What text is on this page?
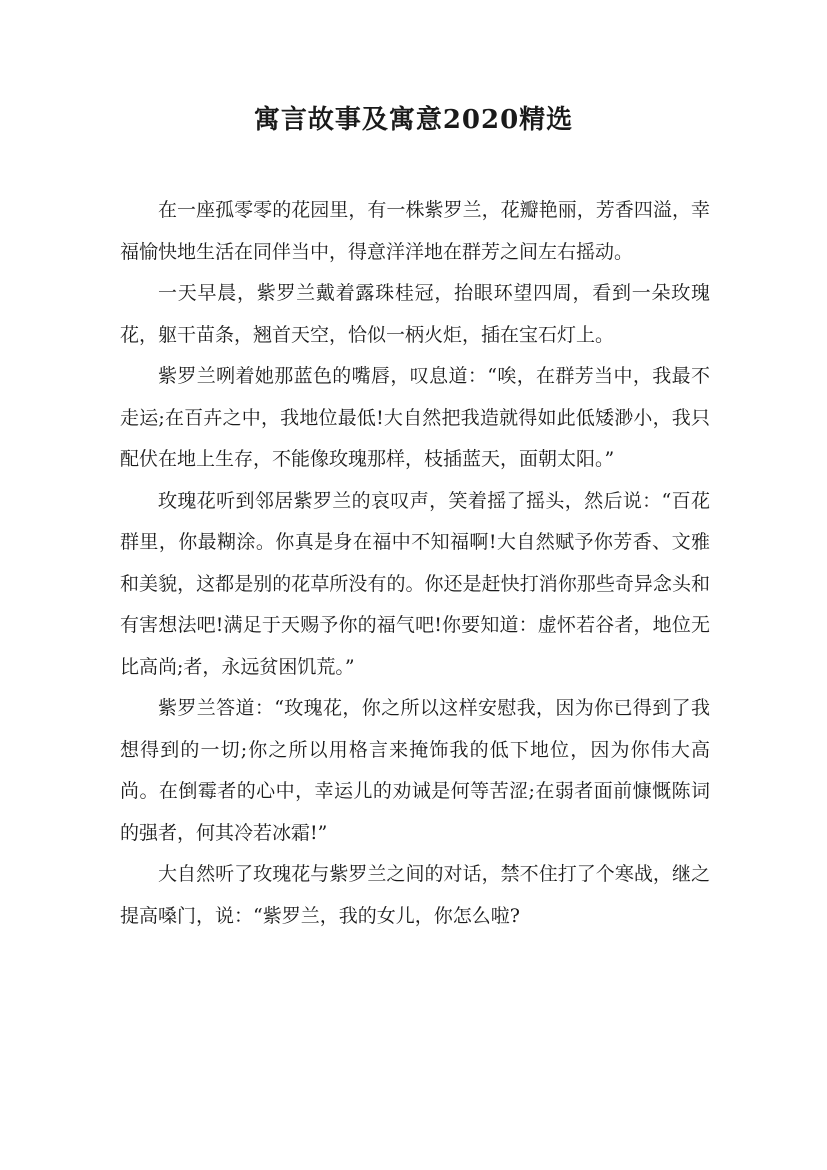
寓言故事及寓意2020精选

在一座孤零零的花园里，有一株紫罗兰，花瓣艳丽，芳香四溢，幸福愉快地生活在同伴当中，得意洋洋地在群芳之间左右摇动。

一天早晨，紫罗兰戴着露珠桂冠，抬眼环望四周，看到一朵玫瑰花，躯干苗条，翘首天空，恰似一柄火炬，插在宝石灯上。

紫罗兰咧着她那蓝色的嘴唇，叹息道：“唉，在群芳当中，我最不走运;在百卉之中，我地位最低!大自然把我造就得如此低矮渺小，我只配伏在地上生存，不能像玫瑰那样，枝插蓝天，面朝太阳。”

玫瑰花听到邻居紫罗兰的哀叹声，笑着摇了摇头，然后说：“百花群里，你最糊涂。你真是身在福中不知福啊!大自然赋予你芳香、文雅和美貌，这都是别的花草所没有的。你还是赶快打消你那些奇异念头和有害想法吧!满足于天赐予你的福气吧!你要知道：虚怀若谷者，地位无比高尚;者，永远贫困饥荒。”

紫罗兰答道：“玫瑰花，你之所以这样安慰我，因为你已得到了我想得到的一切;你之所以用格言来掩饰我的低下地位，因为你伟大高尚。在倒霉者的心中，幸运儿的劝诫是何等苦涩;在弱者面前慷慨陈词的强者，何其冷若冰霜!”

大自然听了玫瑰花与紫罗兰之间的对话，禁不住打了个寒战，继之提高嗓门，说：“紫罗兰，我的女儿，你怎么啦?
